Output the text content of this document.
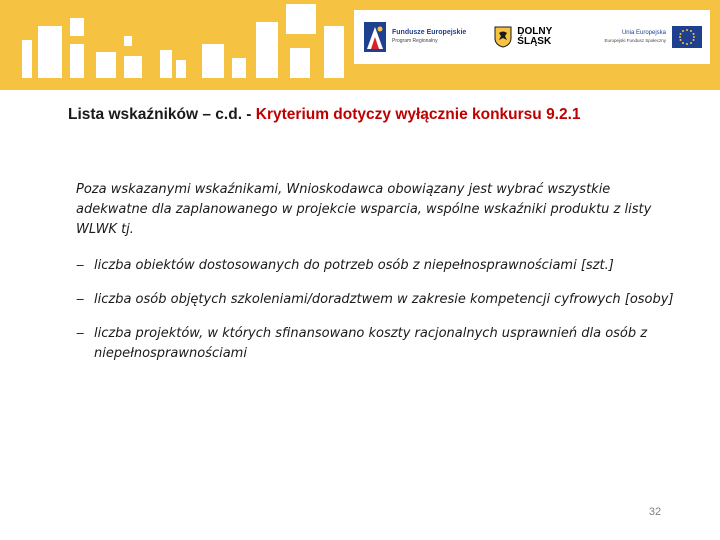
Fundusze Europejskie
Program Regionalny
DOLNY
ŚLĄSK
Unia Europejska
Europejski Fundusz Społeczny
Lista wskaźników – c.d. - Kryterium dotyczy wyłącznie konkursu 9.2.1

Poza wskazanymi wskaźnikami, Wnioskodawca obowiązany jest wybrać wszystkie adekwatne dla zaplanowanego w projekcie wsparcia, wspólne wskaźniki produktu z listy WLWK tj.

‒ liczba obiektów dostosowanych do potrzeb osób z niepełnosprawnościami [szt.]
‒ liczba osób objętych szkoleniami/doradztwem w zakresie kompetencji cyfrowych [osoby]
‒ liczba projektów, w których sfinansowano koszty racjonalnych usprawnień dla osób z niepełnosprawnościami
32
